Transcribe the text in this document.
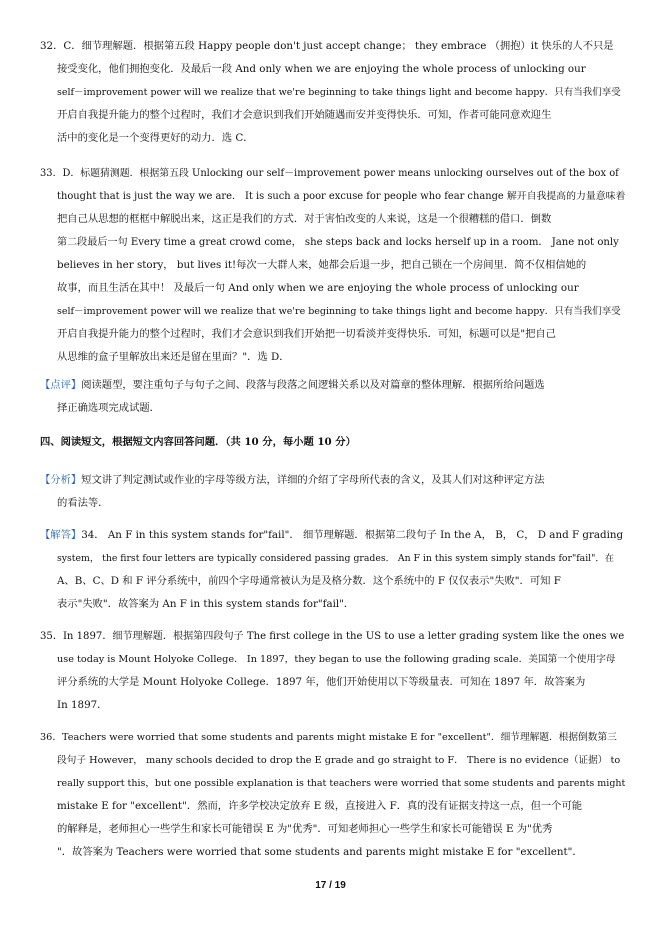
32．C．细节理解题．根据第五段 Happy people don't just accept change； they embrace （拥抱）it 快乐的人不只是
接受变化，他们拥抱变化．及最后一段 And only when we are enjoying the whole process of unlocking our
self－improvement power will we realize that we're beginning to take things light and become happy．只有当我们享受
开启自我提升能力的整个过程时，我们才会意识到我们开始随遇而安并变得快乐．可知，作者可能同意欢迎生
活中的变化是一个变得更好的动力．选 C．
33．D．标题猜测题．根据第五段 Unlocking our self－improvement power means unlocking ourselves out of the box of
thought that is just the way we are． It is such a poor excuse for people who fear change 解开自我提高的力量意味着
把自己从思想的框框中解脱出来，这正是我们的方式．对于害怕改变的人来说，这是一个很糟糕的借口．倒数
第二段最后一句 Every time a great crowd come， she steps back and locks herself up in a room． Jane not only
believes in her story， but lives it!每次一大群人来，她都会后退一步，把自己锁在一个房间里．简不仅相信她的
故事，而且生活在其中！ 及最后一句 And only when we are enjoying the whole process of unlocking our
self－improvement power will we realize that we're beginning to take things light and become happy．只有当我们享受
开启自我提升能力的整个过程时，我们才会意识到我们开始把一切看淡并变得快乐．可知，标题可以是"把自己
从思维的盒子里解放出来还是留在里面？"．选 D．
【点评】阅读题型，要注重句子与句子之间、段落与段落之间逻辑关系以及对篇章的整体理解．根据所给问题选
择正确选项完成试题．
四、阅读短文，根据短文内容回答问题．（共 10 分，每小题 10 分）
【分析】短文讲了判定测试或作业的字母等级方法，详细的介绍了字母所代表的含义，及其人们对这种评定方法
的看法等．
【解答】34． An F in this system stands for"fail"． 细节理解题．根据第二段句子 In the A， B， C， D and F grading
system， the first four letters are typically considered passing grades． An F in this system simply stands for"fail"．在
A、B、C、D 和 F 评分系统中，前四个字母通常被认为是及格分数．这个系统中的 F 仅仅表示"失败"．可知 F
表示"失败"．故答案为 An F in this system stands for"fail"．
35．In 1897．细节理解题．根据第四段句子 The first college in the US to use a letter grading system like the ones we
use today is Mount Holyoke College． In 1897，they began to use the following grading scale．美国第一个使用字母
评分系统的大学是 Mount Holyoke College．1897 年，他们开始使用以下等级量表．可知在 1897 年．故答案为
In 1897．
36．Teachers were worried that some students and parents might mistake E for "excellent"．细节理解题．根据倒数第三
段句子 However， many schools decided to drop the E grade and go straight to F． There is no evidence（证据） to
really support this，but one possible explanation is that teachers were worried that some students and parents might
mistake E for "excellent"．然而，许多学校决定放弃 E 级，直接进入 F．真的没有证据支持这一点，但一个可能
的解释是，老师担心一些学生和家长可能错误 E 为"优秀"．可知老师担心一些学生和家长可能错误 E 为"优秀
"．故答案为 Teachers were worried that some students and parents might mistake E for "excellent"．
17 / 19
